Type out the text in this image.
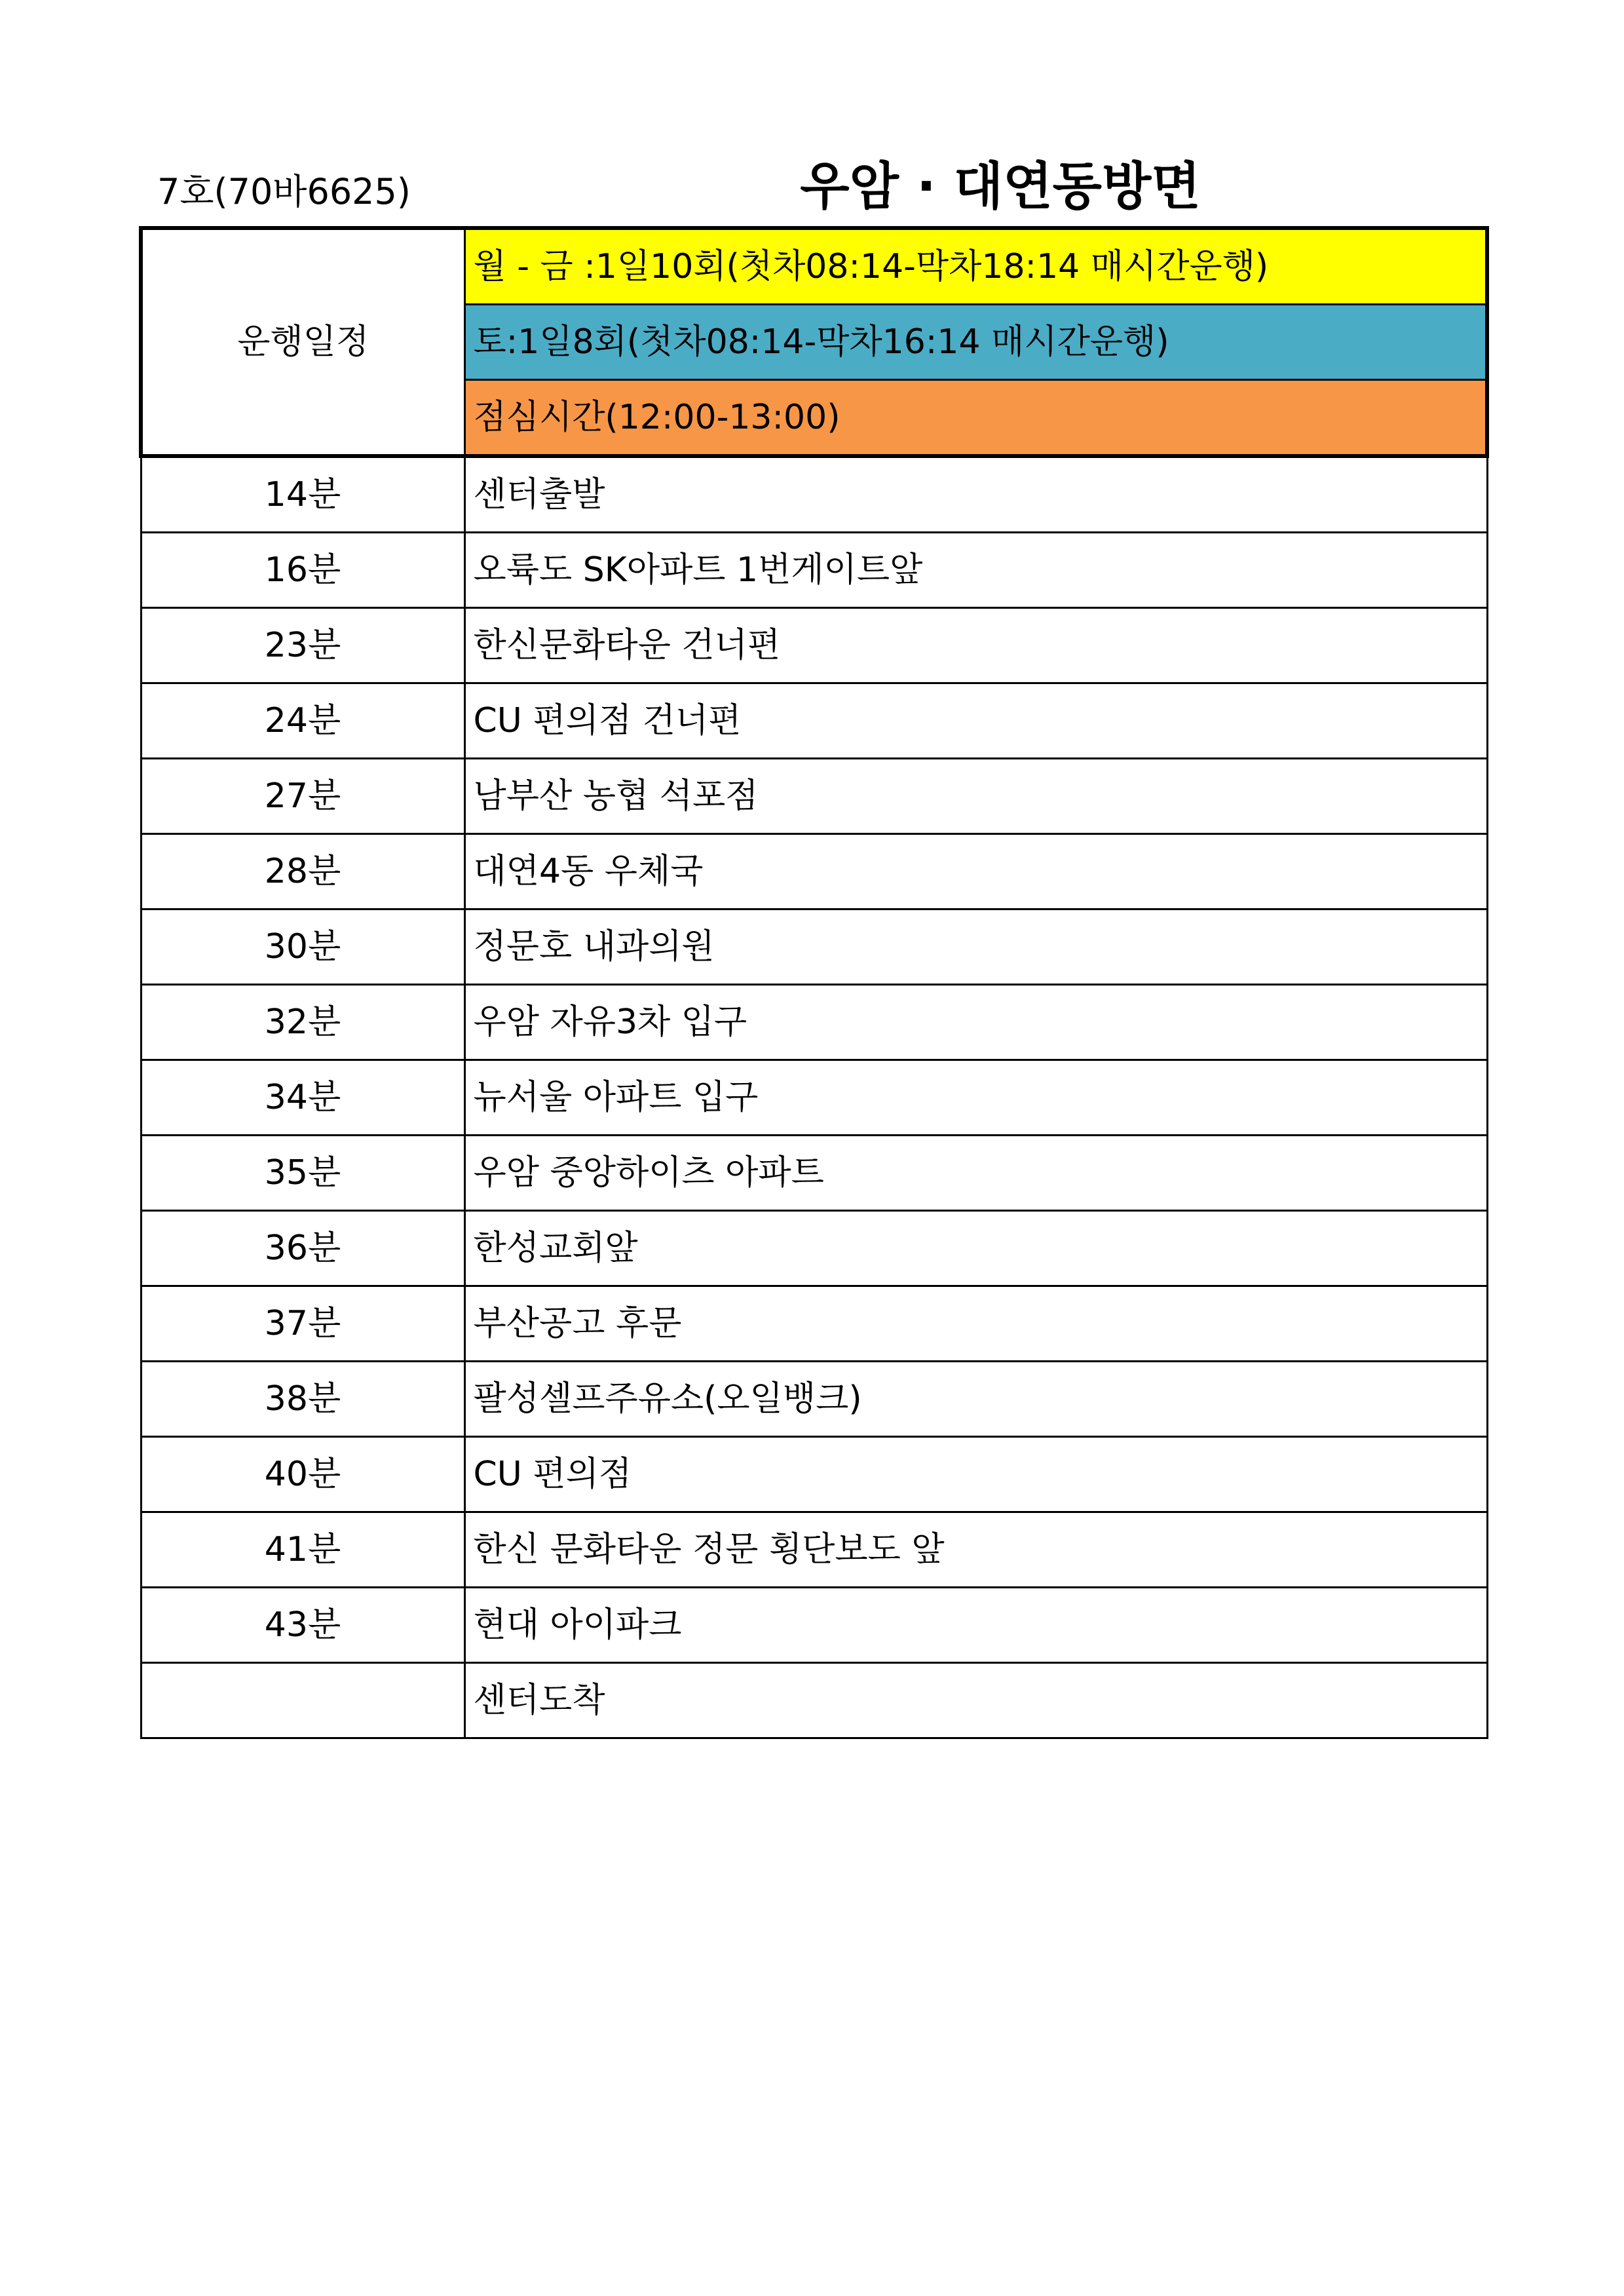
7호(70바6625)	우암 · 대연동방면
운행일정	월 - 금 :1일10회(첫차08:14-막차18:14 매시간운행)
	토:1일8회(첫차08:14-막차16:14 매시간운행)
	점심시간(12:00-13:00)
14분	센터출발
16분	오륙도 SK아파트 1번게이트앞
23분	한신문화타운 건너편
24분	CU 편의점 건너편
27분	남부산 농협 석포점
28분	대연4동 우체국
30분	정문호 내과의원
32분	우암 자유3차 입구
34분	뉴서울 아파트 입구
35분	우암 중앙하이츠 아파트
36분	한성교회앞
37분	부산공고 후문
38분	팔성셀프주유소(오일뱅크)
40분	CU 편의점
41분	한신 문화타운 정문 횡단보도 앞
43분	현대 아이파크
	센터도착
